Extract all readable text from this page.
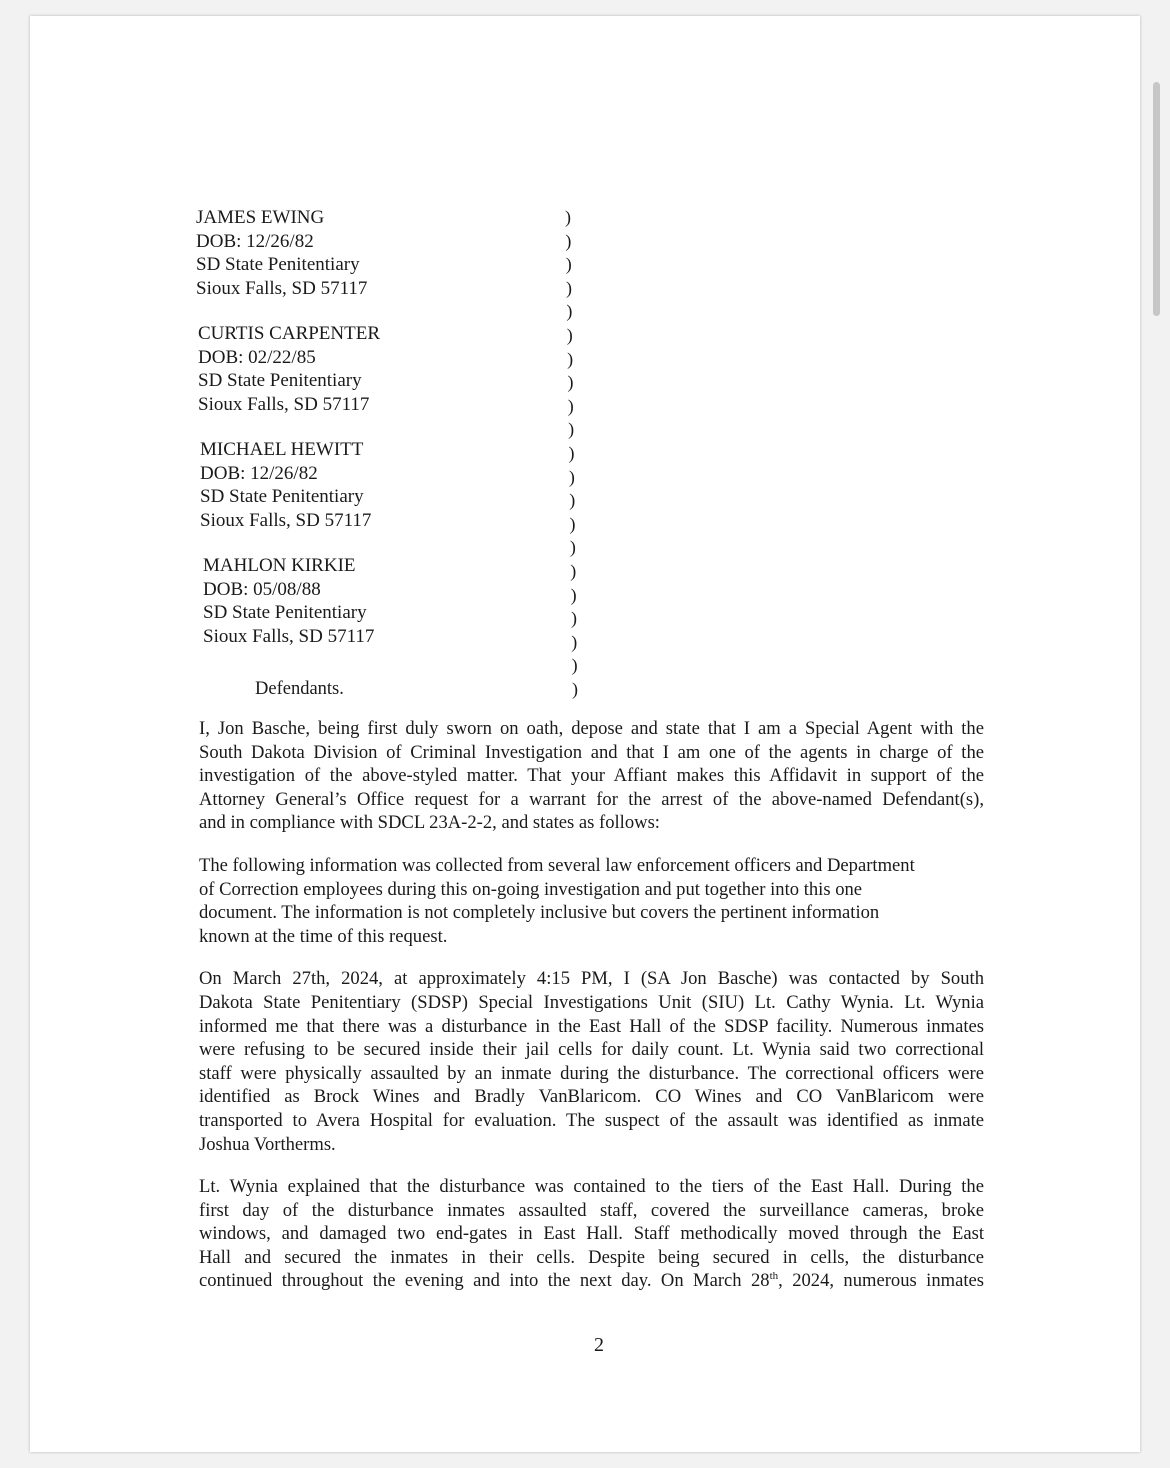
JAMES EWING
DOB: 12/26/82
SD State Penitentiary
Sioux Falls, SD 57117
CURTIS CARPENTER
DOB: 02/22/85
SD State Penitentiary
Sioux Falls, SD 57117
MICHAEL HEWITT
DOB: 12/26/82
SD State Penitentiary
Sioux Falls, SD 57117
MAHLON KIRKIE
DOB: 05/08/88
SD State Penitentiary
Sioux Falls, SD 57117
Defendants.
)
)
)
)
)
)
)
)
)
)
)
)
)
)
)
)
)
)
)
)
)
I, Jon Basche, being first duly sworn on oath, depose and state that I am a Special Agent with the
South Dakota Division of Criminal Investigation and that I am one of the agents in charge of the
investigation of the above-styled matter. That your Affiant makes this Affidavit in support of the
Attorney General’s Office request for a warrant for the arrest of the above-named Defendant(s),
and in compliance with SDCL 23A-2-2, and states as follows:
The following information was collected from several law enforcement officers and Department
of Correction employees during this on-going investigation and put together into this one
document. The information is not completely inclusive but covers the pertinent information
known at the time of this request.
On March 27th, 2024, at approximately 4:15 PM, I (SA Jon Basche) was contacted by South
Dakota State Penitentiary (SDSP) Special Investigations Unit (SIU) Lt. Cathy Wynia. Lt. Wynia
informed me that there was a disturbance in the East Hall of the SDSP facility. Numerous inmates
were refusing to be secured inside their jail cells for daily count. Lt. Wynia said two correctional
staff were physically assaulted by an inmate during the disturbance. The correctional officers were
identified as Brock Wines and Bradly VanBlaricom. CO Wines and CO VanBlaricom were
transported to Avera Hospital for evaluation. The suspect of the assault was identified as inmate
Joshua Vortherms.
Lt. Wynia explained that the disturbance was contained to the tiers of the East Hall. During the
first day of the disturbance inmates assaulted staff, covered the surveillance cameras, broke
windows, and damaged two end-gates in East Hall. Staff methodically moved through the East
Hall and secured the inmates in their cells. Despite being secured in cells, the disturbance
continued throughout the evening and into the next day. On March 28th, 2024, numerous inmates
2
